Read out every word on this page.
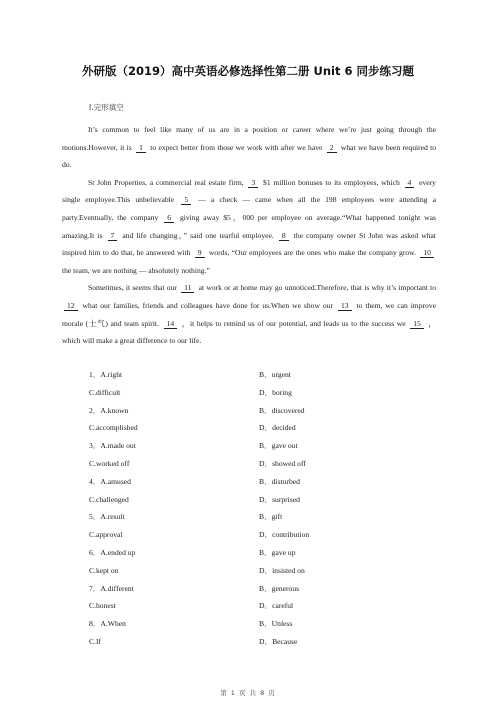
外研版（2019）高中英语必修选择性第二册 Unit 6 同步练习题
Ⅰ.完形填空

It’s common to feel like many of us are in a position or career where we’re just going through the motions.However, it is 1 to expect better from those we work with after we have 2 what we have been required to do.

St John Properties, a commercial real estate firm, 3 $1 million bonuses to its employees, which 4 every single employee.This unbelievable 5 — a check — came when all the 198 employees were attending a party.Eventually, the company 6 giving away $5，000 per employee on average.“What happened tonight was amazing.It is 7 and life changing，” said one tearful employee. 8 the company owner St John was asked what inspired him to do that, he answered with 9 words, “Our employees are the ones who make the company grow. 10 the team, we are nothing — absolutely nothing.”

Sometimes, it seems that our 11 at work or at home may go unnoticed.Therefore, that is why it’s important to 12 what our families, friends and colleagues have done for us.When we show our 13 to them, we can improve morale (士气) and team spirit. 14 ，it helps to remind us of our potential, and leads us to the success we 15 ，which will make a great difference to our life.

1．A.right	B．urgent
C.difficult	D．boring
2．A.known	B．discovered
C.accomplished	D．decided
3．A.made out	B．gave out
C.worked off	D．showed off
4．A.amused	B．disturbed
C.challenged	D．surprised
5．A.result	B．gift
C.approval	D．contribution
6．A.ended up	B．gave up
C.kept on	D．insisted on
7．A.different	B．generous
C.honest	D．careful
8．A.When	B．Unless
C.If	D．Because
第 1 页 共 8 页
